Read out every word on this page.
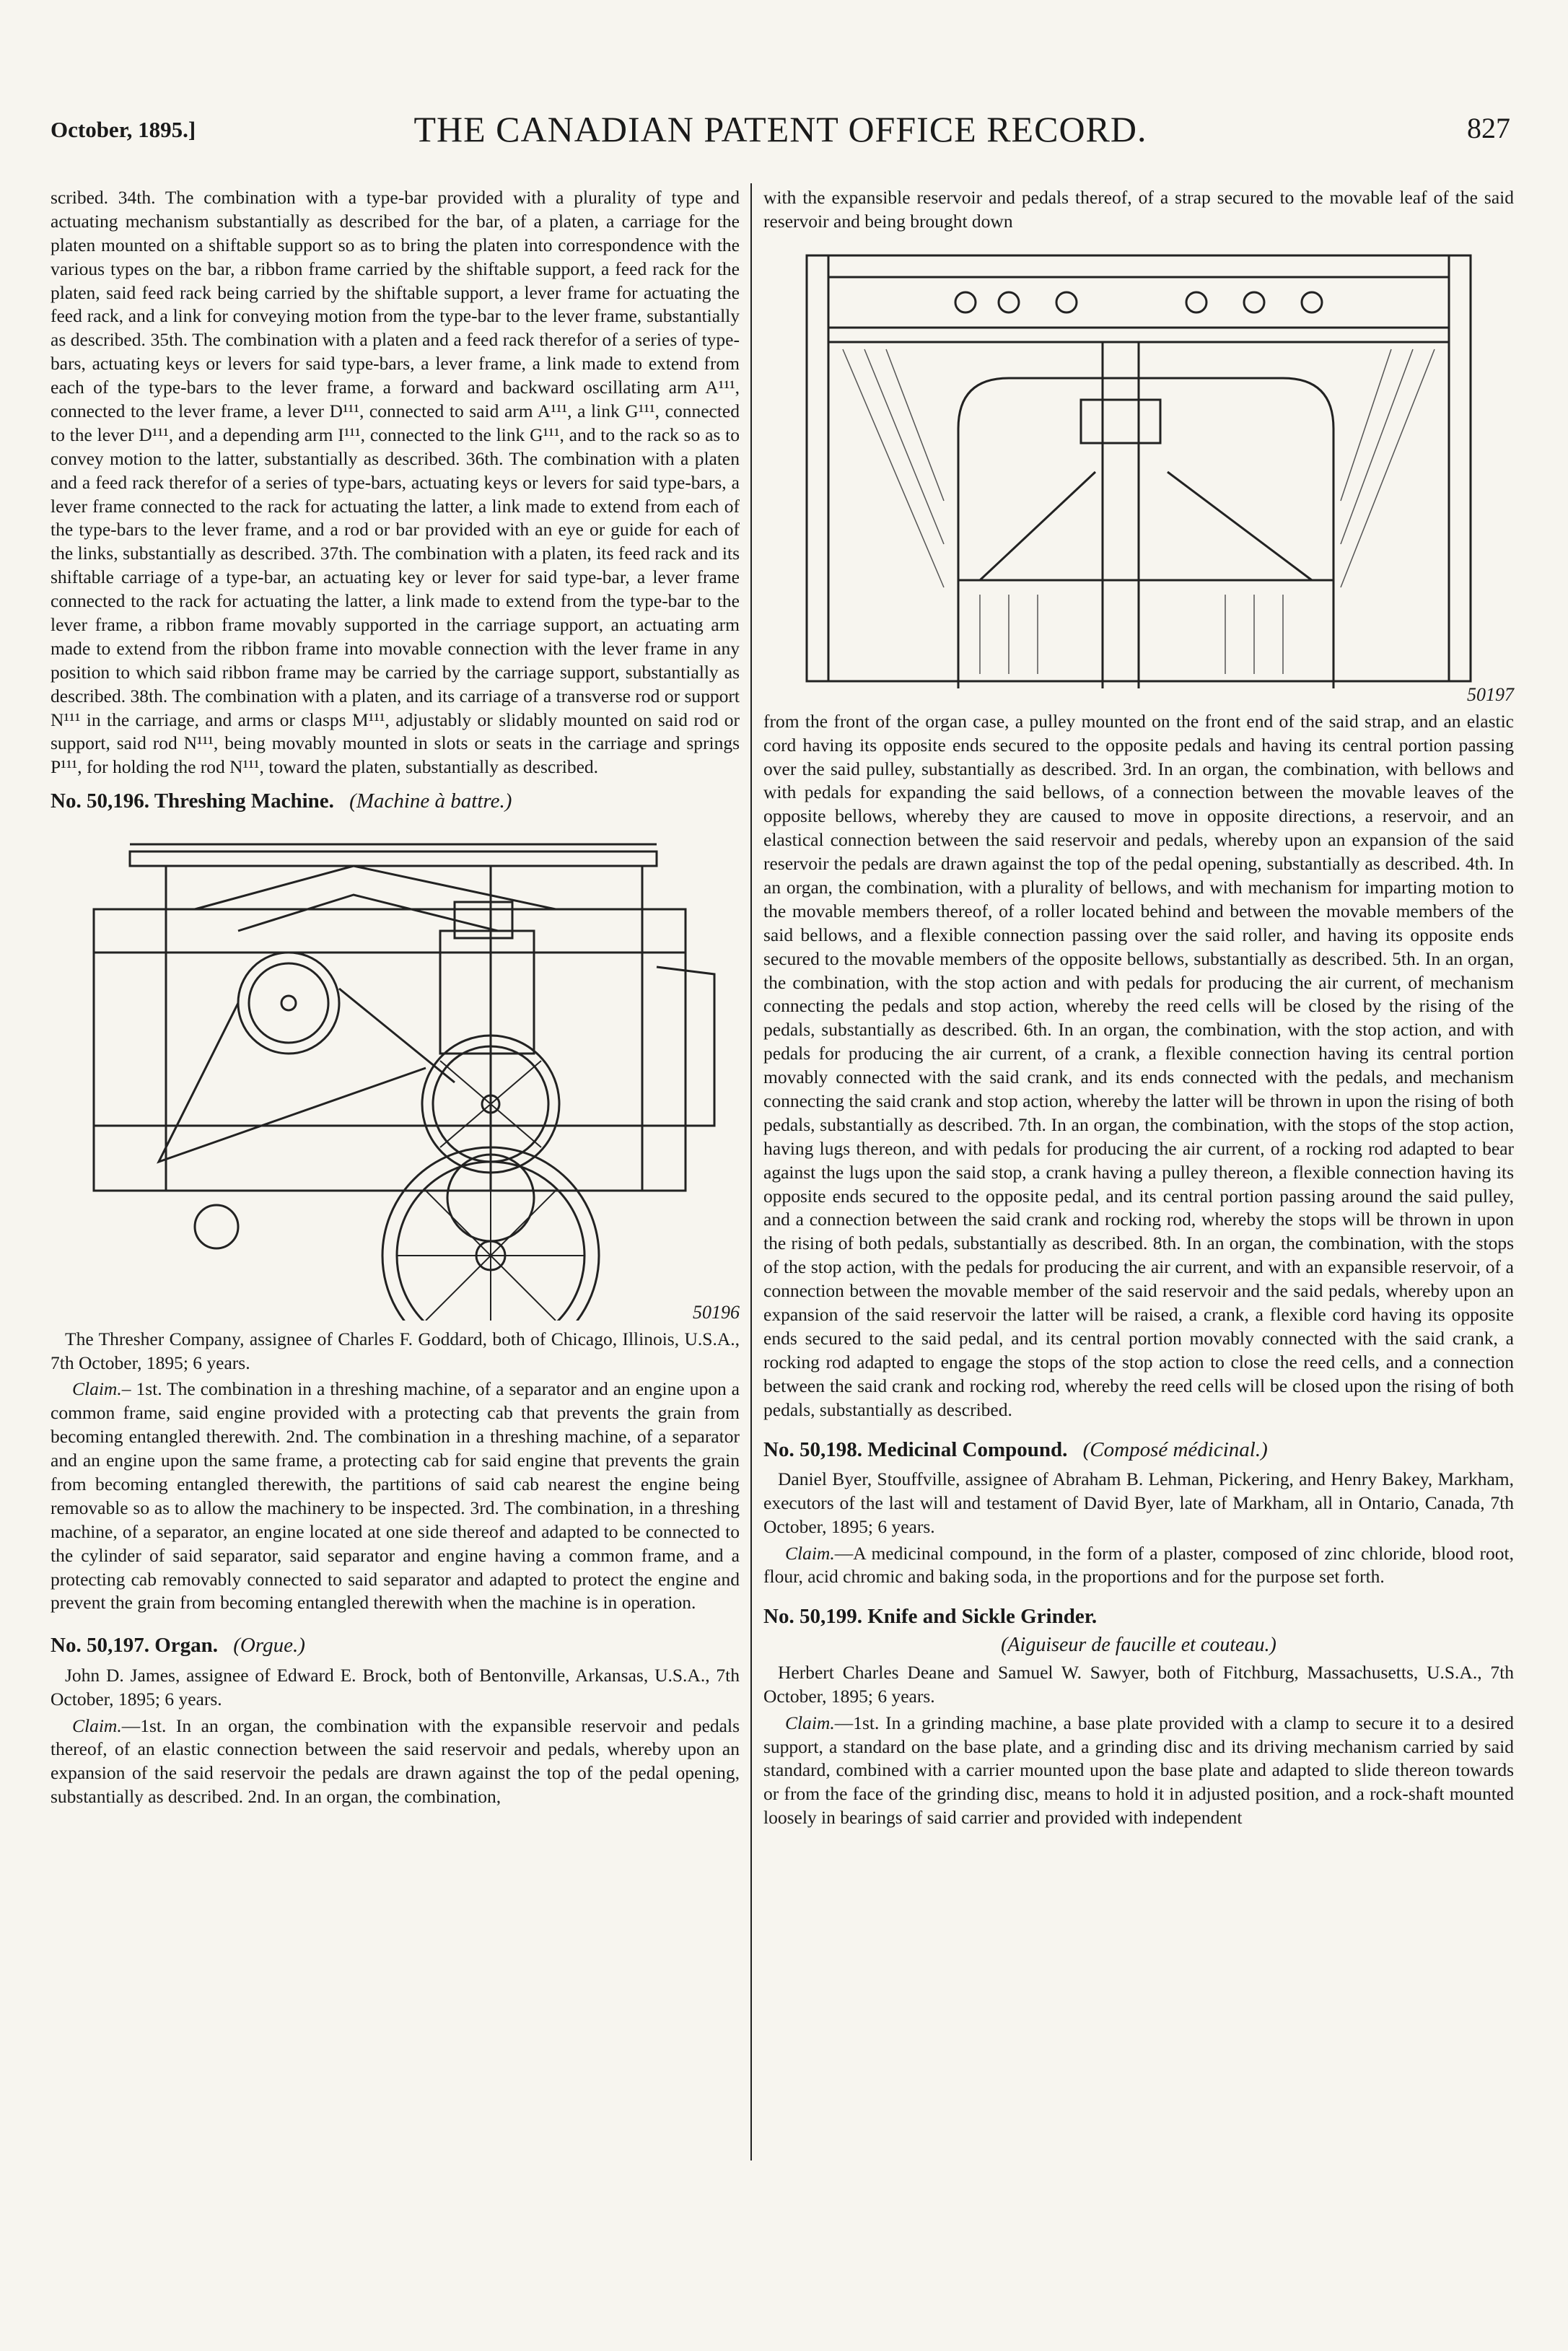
October, 1895.]	THE CANADIAN PATENT OFFICE RECORD.	827

scribed. 34th. The combination with a type-bar provided with a plurality of type and actuating mechanism substantially as described for the bar, of a platen, a carriage for the platen mounted on a shiftable support so as to bring the platen into correspondence with the various types on the bar, a ribbon frame carried by the shiftable support, a feed rack for the platen, said feed rack being carried by the shiftable support, a lever frame for actuating the feed rack, and a link for conveying motion from the type-bar to the lever frame, substantially as described. 35th. The combination with a platen and a feed rack therefor of a series of type-bars, actuating keys or levers for said type-bars, a lever frame, a link made to extend from each of the type-bars to the lever frame, a forward and backward oscillating arm A¹¹¹, connected to the lever frame, a lever D¹¹¹, connected to said arm A¹¹¹, a link G¹¹¹, connected to the lever D¹¹¹, and a depending arm I¹¹¹, connected to the link G¹¹¹, and to the rack so as to convey motion to the latter, substantially as described. 36th. The combination with a platen and a feed rack therefor of a series of type-bars, actuating keys or levers for said type-bars, a lever frame connected to the rack for actuating the latter, a link made to extend from each of the type-bars to the lever frame, and a rod or bar provided with an eye or guide for each of the links, substantially as described. 37th. The combination with a platen, its feed rack and its shiftable carriage of a type-bar, an actuating key or lever for said type-bar, a lever frame connected to the rack for actuating the latter, a link made to extend from the type-bar to the lever frame, a ribbon frame movably supported in the carriage support, an actuating arm made to extend from the ribbon frame into movable connection with the lever frame in any position to which said ribbon frame may be carried by the carriage support, substantially as described. 38th. The combination with a platen, and its carriage of a transverse rod or support N¹¹¹ in the carriage, and arms or clasps M¹¹¹, adjustably or slidably mounted on said rod or support, said rod N¹¹¹, being movably mounted in slots or seats in the carriage and springs P¹¹¹, for holding the rod N¹¹¹, toward the platen, substantially as described.

No. 50,196. Threshing Machine. (Machine à battre.)
50196

The Thresher Company, assignee of Charles F. Goddard, both of Chicago, Illinois, U.S.A., 7th October, 1895; 6 years.

Claim.– 1st. The combination in a threshing machine, of a separator and an engine upon a common frame, said engine provided with a protecting cab that prevents the grain from becoming entangled therewith. 2nd. The combination in a threshing machine, of a separator and an engine upon the same frame, a protecting cab for said engine that prevents the grain from becoming entangled therewith, the partitions of said cab nearest the engine being removable so as to allow the machinery to be inspected. 3rd. The combination, in a threshing machine, of a separator, an engine located at one side thereof and adapted to be connected to the cylinder of said separator, said separator and engine having a common frame, and a protecting cab removably connected to said separator and adapted to protect the engine and prevent the grain from becoming entangled therewith when the machine is in operation.

No. 50,197. Organ. (Orgue.)

John D. James, assignee of Edward E. Brock, both of Bentonville, Arkansas, U.S.A., 7th October, 1895; 6 years.

Claim.—1st. In an organ, the combination with the expansible reservoir and pedals thereof, of an elastic connection between the said reservoir and pedals, whereby upon an expansion of the said reservoir the pedals are drawn against the top of the pedal opening, substantially as described. 2nd. In an organ, the combination,

with the expansible reservoir and pedals thereof, of a strap secured to the movable leaf of the said reservoir and being brought down

50197

from the front of the organ case, a pulley mounted on the front end of the said strap, and an elastic cord having its opposite ends secured to the opposite pedals and having its central portion passing over the said pulley, substantially as described. 3rd. In an organ, the combination, with bellows and with pedals for expanding the said bellows, of a connection between the movable leaves of the opposite bellows, whereby they are caused to move in opposite directions, a reservoir, and an elastical connection between the said reservoir and pedals, whereby upon an expansion of the said reservoir the pedals are drawn against the top of the pedal opening, substantially as described. 4th. In an organ, the combination, with a plurality of bellows, and with mechanism for imparting motion to the movable members thereof, of a roller located behind and between the movable members of the said bellows, and a flexible connection passing over the said roller, and having its opposite ends secured to the movable members of the opposite bellows, substantially as described. 5th. In an organ, the combination, with the stop action and with pedals for producing the air current, of mechanism connecting the pedals and stop action, whereby the reed cells will be closed by the rising of the pedals, substantially as described. 6th. In an organ, the combination, with the stop action, and with pedals for producing the air current, of a crank, a flexible connection having its central portion movably connected with the said crank, and its ends connected with the pedals, and mechanism connecting the said crank and stop action, whereby the latter will be thrown in upon the rising of both pedals, substantially as described. 7th. In an organ, the combination, with the stops of the stop action, having lugs thereon, and with pedals for producing the air current, of a rocking rod adapted to bear against the lugs upon the said stop, a crank having a pulley thereon, a flexible connection having its opposite ends secured to the opposite pedal, and its central portion passing around the said pulley, and a connection between the said crank and rocking rod, whereby the stops will be thrown in upon the rising of both pedals, substantially as described. 8th. In an organ, the combination, with the stops of the stop action, with the pedals for producing the air current, and with an expansible reservoir, of a connection between the movable member of the said reservoir and the said pedals, whereby upon an expansion of the said reservoir the latter will be raised, a crank, a flexible cord having its opposite ends secured to the said pedal, and its central portion movably connected with the said crank, a rocking rod adapted to engage the stops of the stop action to close the reed cells, and a connection between the said crank and rocking rod, whereby the reed cells will be closed upon the rising of both pedals, substantially as described.

No. 50,198. Medicinal Compound. (Composé médicinal.)

Daniel Byer, Stouffville, assignee of Abraham B. Lehman, Pickering, and Henry Bakey, Markham, executors of the last will and testament of David Byer, late of Markham, all in Ontario, Canada, 7th October, 1895; 6 years.

Claim.—A medicinal compound, in the form of a plaster, composed of zinc chloride, blood root, flour, acid chromic and baking soda, in the proportions and for the purpose set forth.

No. 50,199. Knife and Sickle Grinder.
(Aiguiseur de faucille et couteau.)

Herbert Charles Deane and Samuel W. Sawyer, both of Fitchburg, Massachusetts, U.S.A., 7th October, 1895; 6 years.

Claim.—1st. In a grinding machine, a base plate provided with a clamp to secure it to a desired support, a standard on the base plate, and a grinding disc and its driving mechanism carried by said standard, combined with a carrier mounted upon the base plate and adapted to slide thereon towards or from the face of the grinding disc, means to hold it in adjusted position, and a rock-shaft mounted loosely in bearings of said carrier and provided with independent
